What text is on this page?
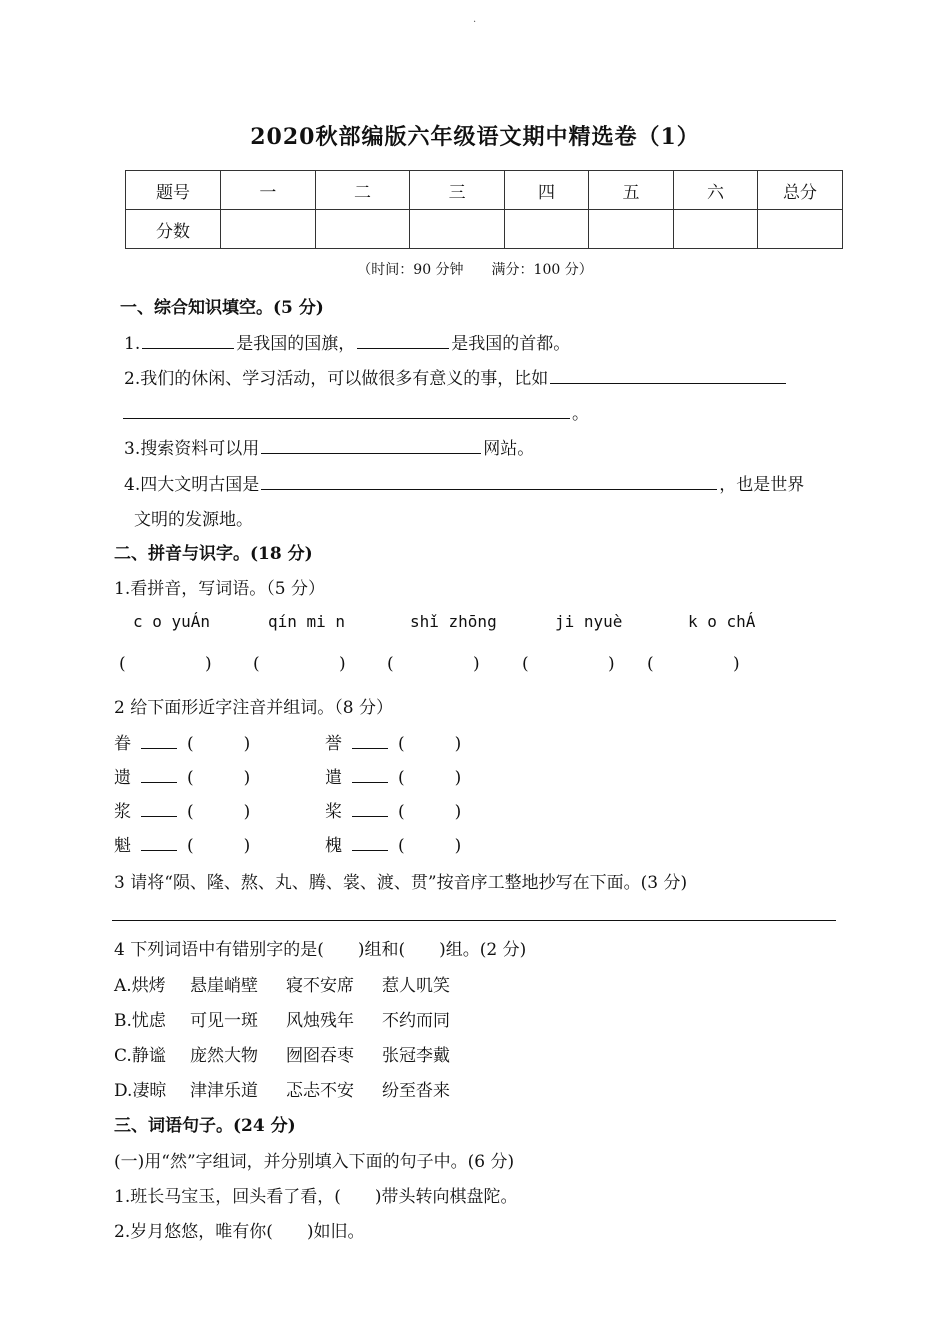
.
2020秋部编版六年级语文期中精选卷（1）
题号	一	二	三	四	五	六	总分
分数							
（时间：90 分钟　　满分：100 分）
一、综合知识填空。(5 分)
1.	是我国的国旗，	是我国的首都。
2.我们的休闲、学习活动，可以做很多有意义的事，比如
。
3.搜索资料可以用	网站。
4.四大文明古国是	，也是世界
文明的发源地。
二、拼音与识字。(18 分)
1.看拼音，写词语。（5 分）
c o yuÁn	qín mi n	shǐ zhōng	ji nyuè	k o chÁ
(	) (	) (	) (	) (	)
2 给下面形近字注音并组词。（8 分）
眷	(	)	誉	(	)
遗	(	)	遣	(	)
浆	(	)	桨	(	)
魁	(	)	槐	(	)
3 请将“陨、隆、熬、丸、腾、裳、渡、贯”按音序工整地抄写在下面。(3 分)
4 下列词语中有错别字的是(　　)组和(　　)组。(2 分)
A.烘烤 悬崖峭壁 寝不安席 惹人叽笑
B.忧虑 可见一斑 风烛残年 不约而同
C.静谧 庞然大物 囫囵吞枣 张冠李戴
D.凄晾 津津乐道 忑忐不安 纷至沓来
三、词语句子。(24 分)
(一)用“然”字组词，并分别填入下面的句子中。(6 分)
1.班长马宝玉，回头看了看，(　　)带头转向棋盘陀。
2.岁月悠悠，唯有你(　　)如旧。
